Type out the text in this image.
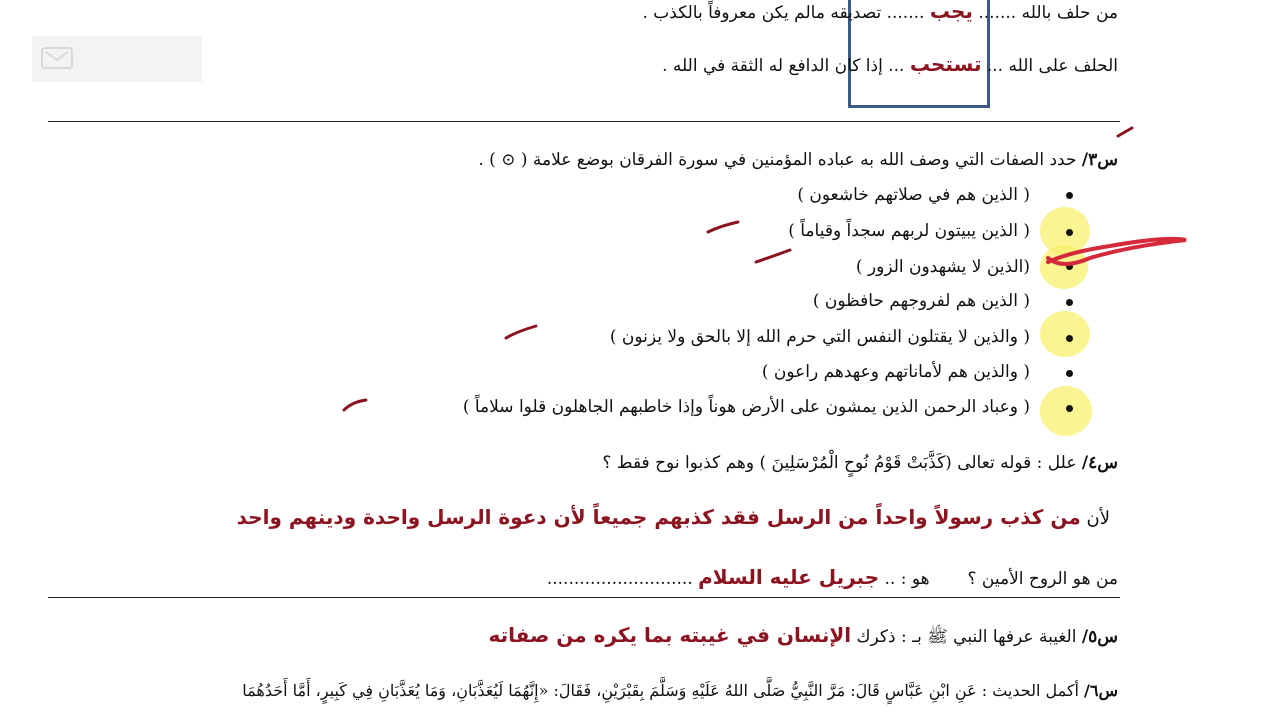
من حلف بالله ....... يجب ....... تصديقه مالم يكن معروفاً بالكذب .
الحلف على الله ... تستحب ... إذا كان الدافع له الثقة في الله .
س٣/ حدد الصفات التي وصف الله به عباده المؤمنين في سورة الفرقان بوضع علامة ( ⊙ ) .
( الذين هم في صلاتهم خاشعون )
( الذين يبيتون لربهم سجداً وقياماً )
(الذين لا يشهدون الزور )
( الذين هم لفروجهم حافظون )
( والذين لا يقتلون النفس التي حرم الله إلا بالحق ولا يزنون )
( والذين هم لأماناتهم وعهدهم راعون )
( وعباد الرحمن الذين يمشون على الأرض هوناً وإذا خاطبهم الجاهلون قلوا سلاماً )
س٤/ علل : قوله تعالى (كَذَّبَتْ قَوْمُ نُوحٍ الْمُرْسَلِينَ ) وهم كذبوا نوح فقط ؟
لأن من كذب رسولاً واحداً من الرسل فقد كذبهم جميعاً لأن دعوة الرسل واحدة ودينهم واحد
من هو الروح الأمين ؟       هو : .. جبريل عليه السلام ...........................
س٥/ الغيبة عرفها النبي ﷺ بـ : ذكرك الإنسان في غيبته بما يكره من صفاته
س٦/ أكمل الحديث : عَنِ ابْنِ عَبَّاسٍ قَالَ: مَرَّ النَّبِيُّ صَلَّى اللهُ عَلَيْهِ وَسَلَّمَ بِقَبْرَيْنِ، فَقَالَ: «إِنَّهُمَا لَيُعَذَّبَانِ، وَمَا يُعَذَّبَانِ فِي كَبِيرٍ، أَمَّا أَحَدُهُمَا
